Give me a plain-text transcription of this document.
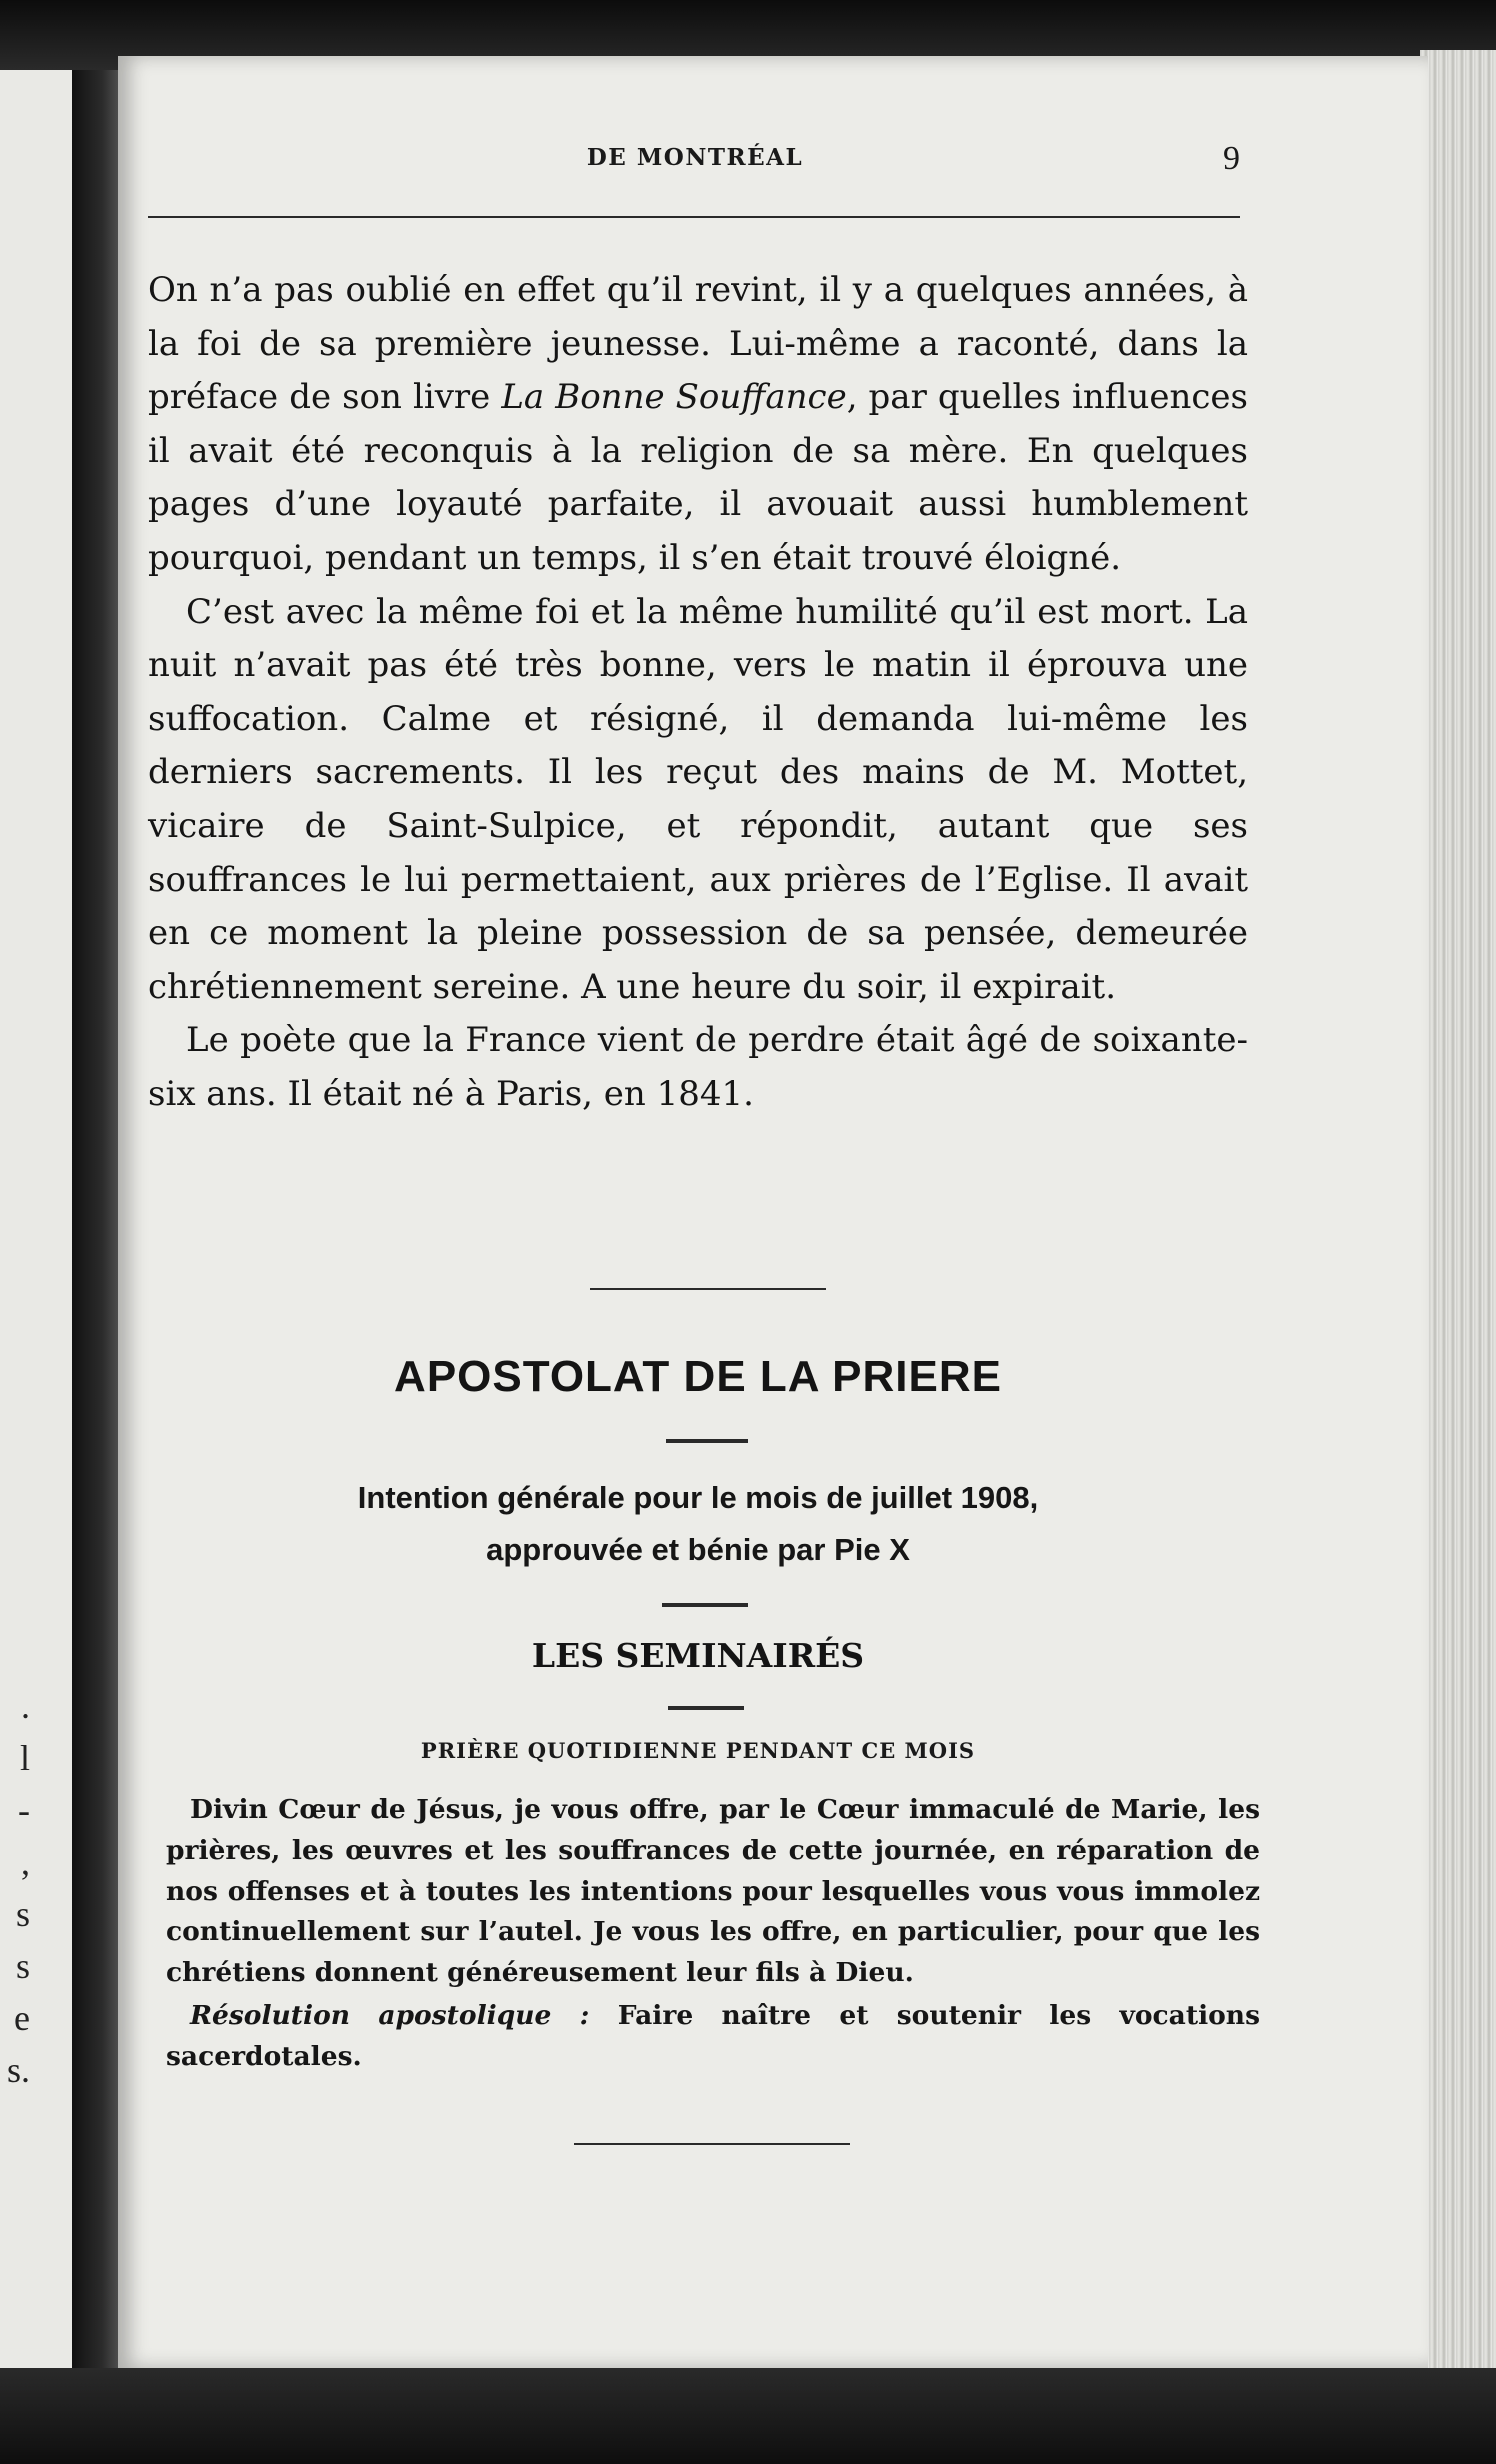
.
l
-
,
s
s
e
s.
DE MONTRÉAL	9

On n’a pas oublié en effet qu’il revint, il y a quelques années, à la foi de sa première jeunesse. Lui-même a raconté, dans la préface de son livre La Bonne Souffance, par quelles influences il avait été reconquis à la religion de sa mère. En quelques pages d’une loyauté parfaite, il avouait aussi humblement pourquoi, pendant un temps, il s’en était trouvé éloigné.

C’est avec la même foi et la même humilité qu’il est mort. La nuit n’avait pas été très bonne, vers le matin il éprouva une suffocation. Calme et résigné, il demanda lui-même les derniers sacrements. Il les reçut des mains de M. Mottet, vicaire de Saint-Sulpice, et répondit, autant que ses souffrances le lui permettaient, aux prières de l’Eglise. Il avait en ce moment la pleine possession de sa pensée, demeurée chrétiennement sereine. A une heure du soir, il expirait.

Le poète que la France vient de perdre était âgé de soixante-six ans. Il était né à Paris, en 1841.

APOSTOLAT DE LA PRIERE
Intention générale pour le mois de juillet 1908,
approuvée et bénie par Pie X
LES SEMINAIRÉS
PRIÈRE QUOTIDIENNE PENDANT CE MOIS

Divin Cœur de Jésus, je vous offre, par le Cœur immaculé de Marie, les prières, les œuvres et les souffrances de cette journée, en réparation de nos offenses et à toutes les intentions pour lesquelles vous vous immolez continuellement sur l’autel. Je vous les offre, en particulier, pour que les chrétiens donnent généreusement leur fils à Dieu.

Résolution apostolique : Faire naître et soutenir les vocations sacerdotales.
